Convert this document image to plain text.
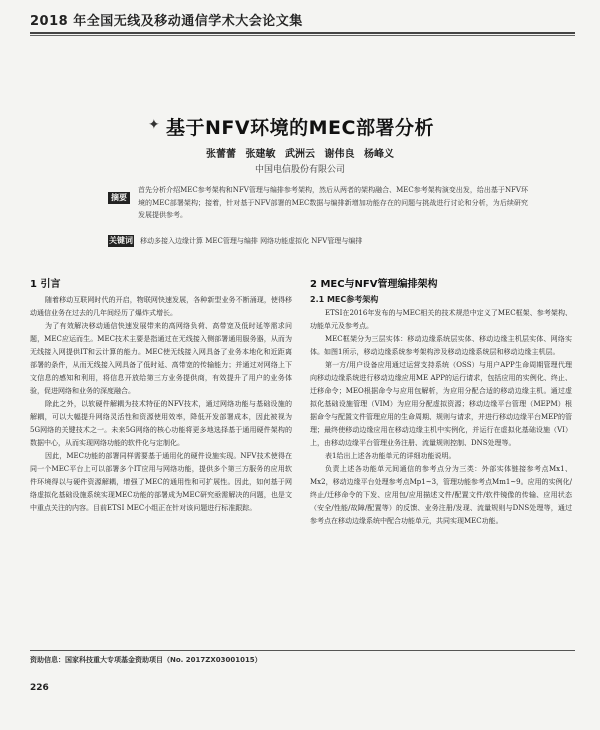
2018 年全国无线及移动通信学术大会论文集
✦ 基于NFV环境的MEC部署分析
张蕾蕾 张建敏 武洲云 谢伟良 杨峰义
中国电信股份有限公司
摘要
首先分析介绍MEC参考架构和NFV管理与编排参考架构，然后从两者的架构融合、MEC参考架构演变出发，给出基于NFV环境的MEC部署架构；接着，针对基于NFV部署的MEC数据与编排新增加功能存在的问题与挑战进行讨论和分析，为后续研究发展提供参考。
关键词 移动多接入边缘计算 MEC管理与编排 网络功能虚拟化 NFV管理与编排
1 引言

随着移动互联网时代的开启，物联网快速发展，各种新型业务不断涌现，使得移动通信业务在过去的几年间经历了爆炸式增长。

为了有效解决移动通信快速发展带来的高网络负荷、高带宽及低时延等需求问题，MEC应运而生。MEC技术主要是指通过在无线接入侧部署通用服务器，从而为无线接入网提供IT和云计算的能力。MEC使无线接入网具备了业务本地化和近距离部署的条件，从而无线接入网具备了低时延、高带宽的传输能力；并通过对网络上下文信息的感知和利用，将信息开放给第三方业务提供商，有效提升了用户的业务体验，促进网络和业务的深度融合。

除此之外，以软硬件解耦为技术特征的NFV技术，通过网络功能与基础设施的解耦，可以大幅提升网络灵活性和资源使用效率，降低开发部署成本，因此被视为5G网络的关键技术之一。未来5G网络的核心功能将更多地选择基于通用硬件架构的数据中心，从而实现网络功能的软件化与定制化。

因此，MEC功能的部署同样需要基于通用化的硬件设施实现。NFV技术使得在同一个MEC平台上可以部署多个IT应用与网络功能，提供多个第三方服务的应用软件环境得以与硬件资源解耦，增强了MEC的通用性和可扩展性。因此，如何基于网络虚拟化基础设施系统实现MEC功能的部署成为MEC研究亟需解决的问题，也是文中重点关注的内容。目前ETSI MEC小组正在针对该问题进行标准跟踪。

2 MEC与NFV管理编排架构
2.1 MEC参考架构

ETSI在2016年发布的与MEC相关的技术规范中定义了MEC框架、参考架构、功能单元及参考点。

MEC框架分为三层实体：移动边缘系统层实体、移动边缘主机层实体、网络实体。如图1所示，移动边缘系统参考架构涉及移动边缘系统层和移动边缘主机层。

第一方/用户设备应用通过运营支持系统（OSS）与用户APP生命周期管理代理向移动边缘系统进行移动边缘应用ME APP的运行请求，包括应用的实例化、终止、迁移命令；MEO根据命令与应用包解析，为应用分配合适的移动边缘主机。通过虚拟化基础设施管理（VIM）为应用分配虚拟资源；移动边缘平台管理（MEPM）根据命令与配置文件管理应用的生命周期、规则与请求，并进行移动边缘平台MEP的管理；最终使移动边缘应用在移动边缘主机中实例化，并运行在虚拟化基础设施（VI）上，由移动边缘平台管理业务注册、流量规则控制、DNS处理等。

表1给出上述各功能单元的详细功能说明。

负责上述各功能单元间通信的参考点分为三类：外部实体链接参考点Mx1、Mx2，移动边缘平台处理参考点Mp1~3，管理功能参考点Mm1~9。应用的实例化/终止/迁移命令的下发、应用包/应用描述文件/配置文件/软件镜像的传输、应用状态（安全/性能/故障/配置等）的反馈、业务注册/发现、流量规则与DNS处理等，通过参考点在移动边缘系统中配合功能单元，共同实现MEC功能。

资助信息：国家科技重大专项基金资助项目（No. 2017ZX03001015）
226
